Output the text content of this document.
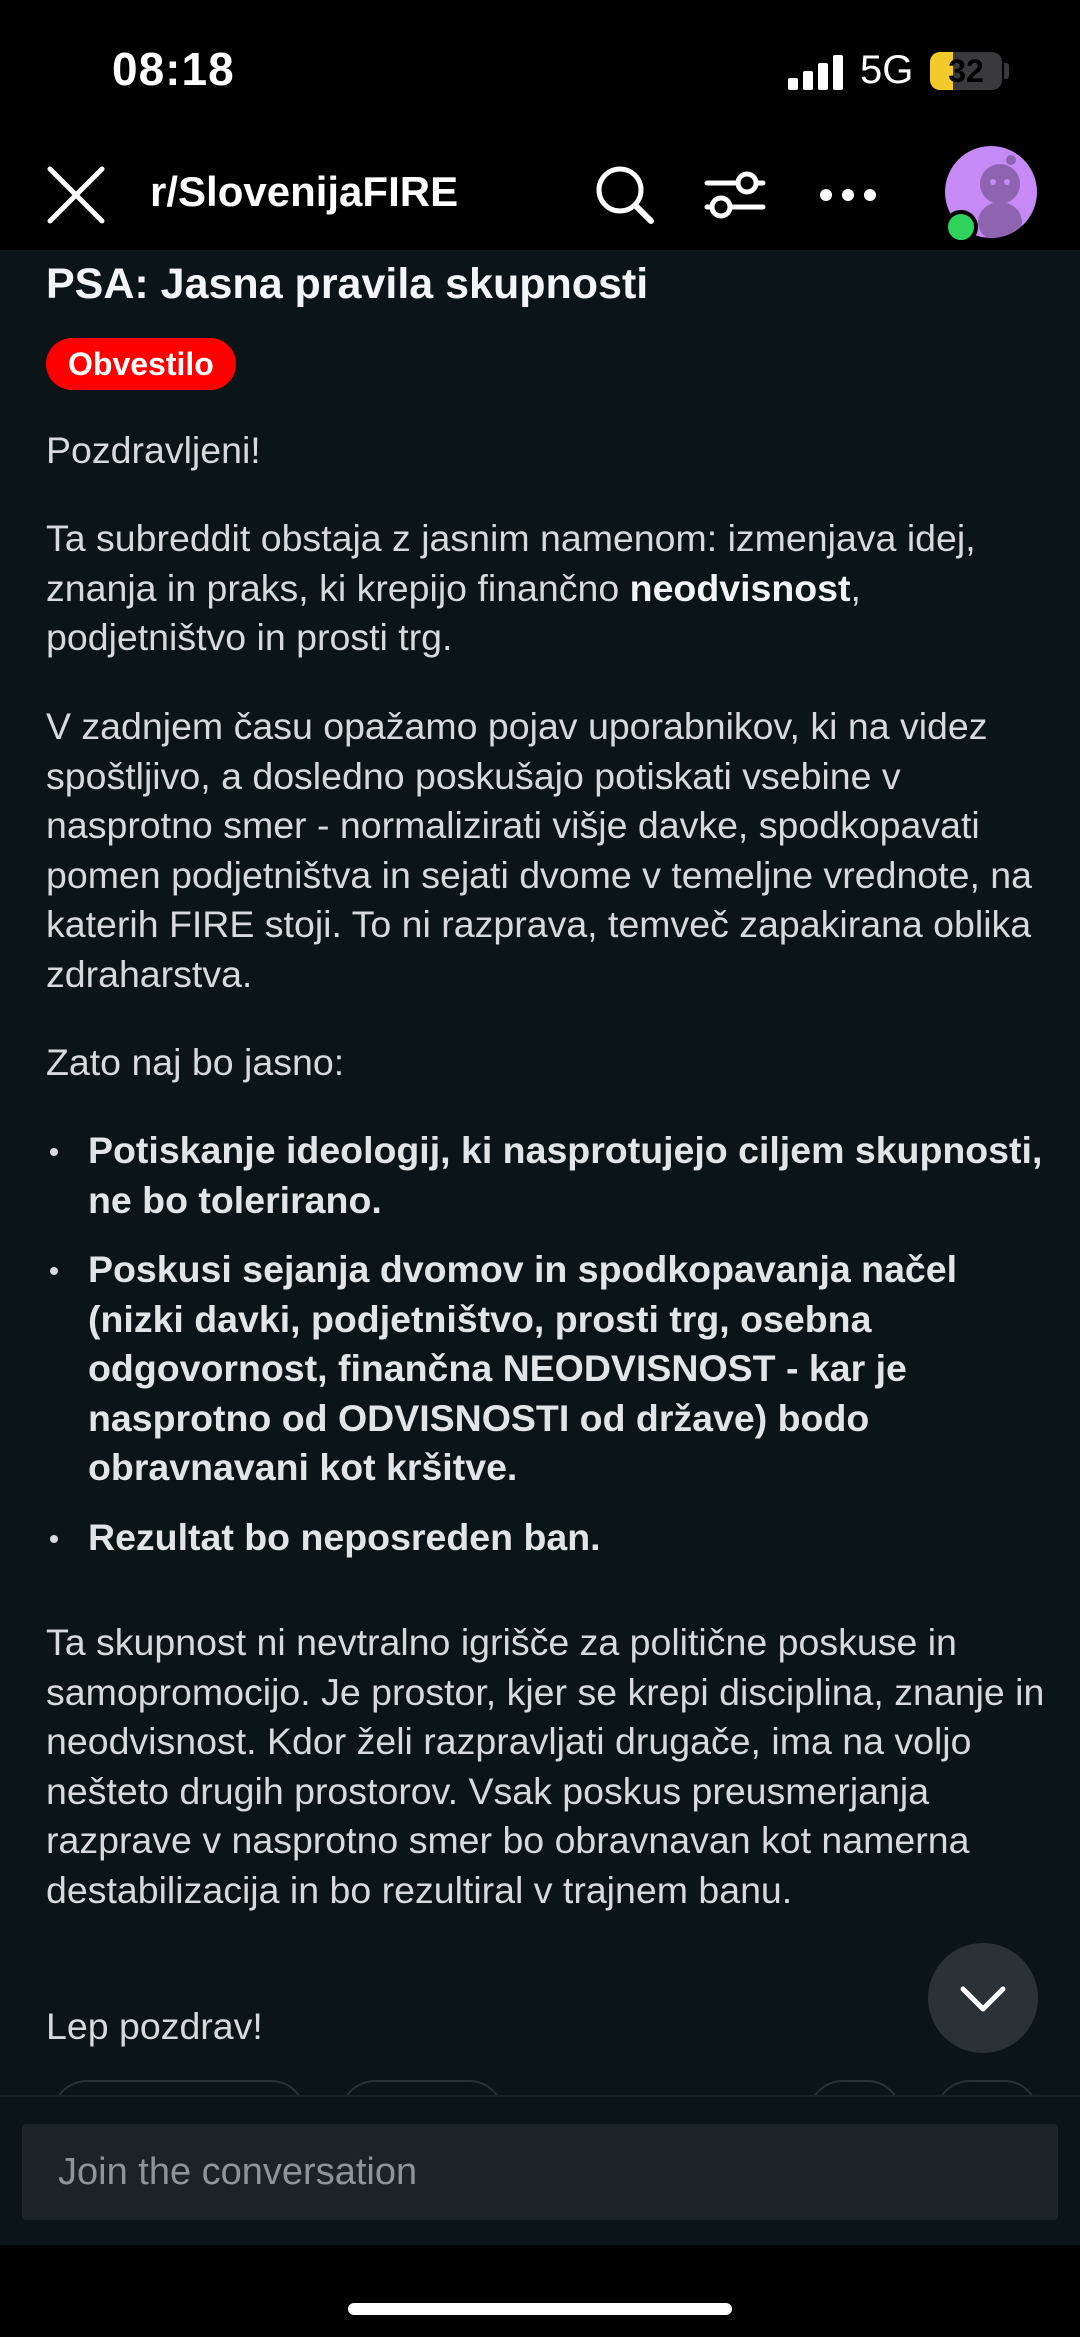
08:18	5G	32
r/SlovenijaFIRE
PSA: Jasna pravila skupnosti
Obvestilo

Pozdravljeni!

Ta subreddit obstaja z jasnim namenom: izmenjava idej, znanja in praks, ki krepijo finančno neodvisnost, podjetništvo in prosti trg.

V zadnjem času opažamo pojav uporabnikov, ki na videz spoštljivo, a dosledno poskušajo potiskati vsebine v nasprotno smer - normalizirati višje davke, spodkopavati pomen podjetništva in sejati dvome v temeljne vrednote, na katerih FIRE stoji. To ni razprava, temveč zapakirana oblika zdraharstva.

Zato naj bo jasno:

Potiskanje ideologij, ki nasprotujejo ciljem skupnosti, ne bo tolerirano.
Poskusi sejanja dvomov in spodkopavanja načel (nizki davki, podjetništvo, prosti trg, osebna odgovornost, finančna NEODVISNOST - kar je nasprotno od ODVISNOSTI od države) bodo obravnavani kot kršitve.
Rezultat bo neposreden ban.

Ta skupnost ni nevtralno igrišče za politične poskuse in samopromocijo. Je prostor, kjer se krepi disciplina, znanje in neodvisnost. Kdor želi razpravljati drugače, ima na voljo nešteto drugih prostorov. Vsak poskus preusmerjanja razprave v nasprotno smer bo obravnavan kot namerna destabilizacija in bo rezultiral v trajnem banu.

Lep pozdrav!

Join the conversation
